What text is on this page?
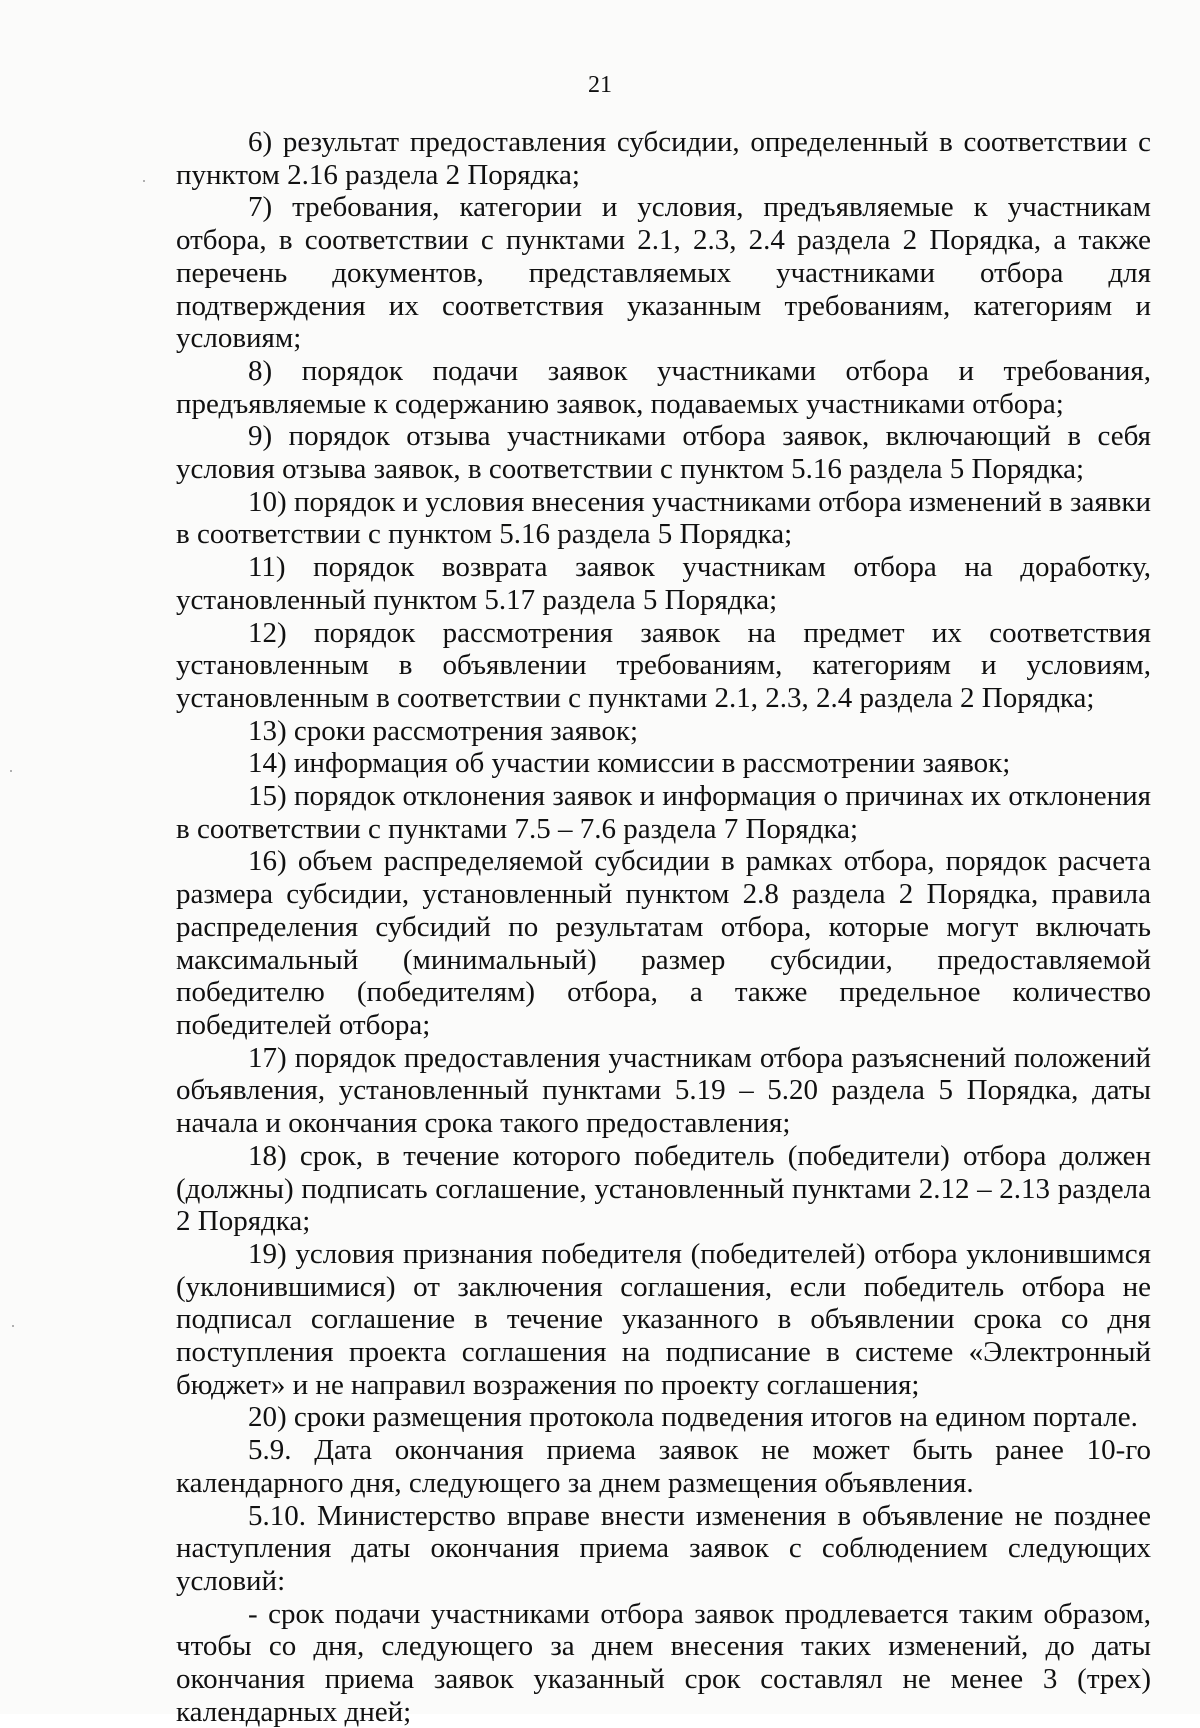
21

6) результат предоставления субсидии, определенный в соответствии с пунктом 2.16 раздела 2 Порядка;

7) требования, категории и условия, предъявляемые к участникам отбора, в соответствии с пунктами 2.1, 2.3, 2.4 раздела 2 Порядка, а также перечень документов, представляемых участниками отбора для подтверждения их соответствия указанным требованиям, категориям и условиям;

8) порядок подачи заявок участниками отбора и требования, предъявляемые к содержанию заявок, подаваемых участниками отбора;

9) порядок отзыва участниками отбора заявок, включающий в себя условия отзыва заявок, в соответствии с пунктом 5.16 раздела 5 Порядка;

10) порядок и условия внесения участниками отбора изменений в заявки в соответствии с пунктом 5.16 раздела 5 Порядка;

11) порядок возврата заявок участникам отбора на доработку, установленный пунктом 5.17 раздела 5 Порядка;

12) порядок рассмотрения заявок на предмет их соответствия установленным в объявлении требованиям, категориям и условиям, установленным в соответствии с пунктами 2.1, 2.3, 2.4 раздела 2 Порядка;

13) сроки рассмотрения заявок;

14) информация об участии комиссии в рассмотрении заявок;

15) порядок отклонения заявок и информация о причинах их отклонения в соответствии с пунктами 7.5 – 7.6 раздела 7 Порядка;

16) объем распределяемой субсидии в рамках отбора, порядок расчета размера субсидии, установленный пунктом 2.8 раздела 2 Порядка, правила распределения субсидий по результатам отбора, которые могут включать максимальный (минимальный) размер субсидии, предоставляемой победителю (победителям) отбора, а также предельное количество победителей отбора;

17) порядок предоставления участникам отбора разъяснений положений объявления, установленный пунктами 5.19 – 5.20 раздела 5 Порядка, даты начала и окончания срока такого предоставления;

18) срок, в течение которого победитель (победители) отбора должен (должны) подписать соглашение, установленный пунктами 2.12 – 2.13 раздела 2 Порядка;

19) условия признания победителя (победителей) отбора уклонившимся (уклонившимися) от заключения соглашения, если победитель отбора не подписал соглашение в течение указанного в объявлении срока со дня поступления проекта соглашения на подписание в системе «Электронный бюджет» и не направил возражения по проекту соглашения;

20) сроки размещения протокола подведения итогов на едином портале.

5.9. Дата окончания приема заявок не может быть ранее 10-го календарного дня, следующего за днем размещения объявления.

5.10. Министерство вправе внести изменения в объявление не позднее наступления даты окончания приема заявок с соблюдением следующих условий:

- срок подачи участниками отбора заявок продлевается таким образом, чтобы со дня, следующего за днем внесения таких изменений, до даты окончания приема заявок указанный срок составлял не менее 3 (трех) календарных дней;
